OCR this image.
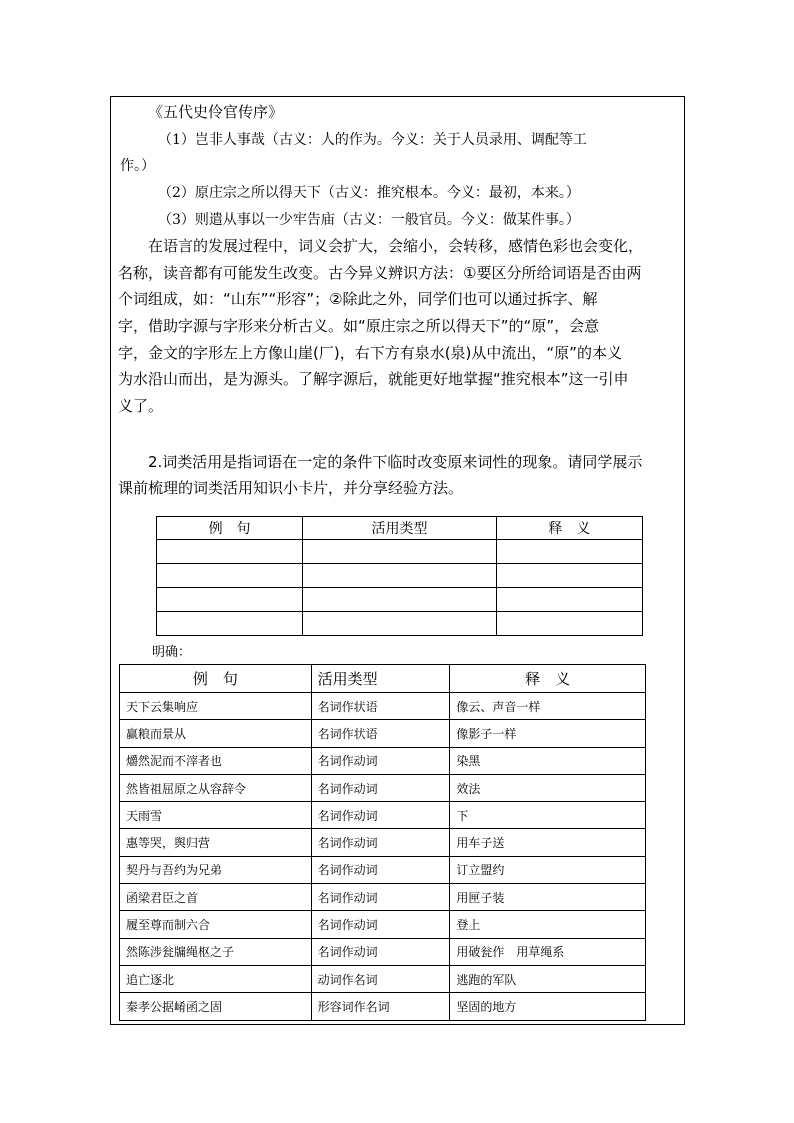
《五代史伶官传序》
（1）岂非人事哉（古义：人的作为。今义：关于人员录用、调配等工
作。）
（2）原庄宗之所以得天下（古义：推究根本。今义：最初，本来。）
（3）则遣从事以一少牢告庙（古义：一般官员。今义：做某件事。）
在语言的发展过程中，词义会扩大，会缩小，会转移，感情色彩也会变化，
名称，读音都有可能发生改变。古今异义辨识方法：①要区分所给词语是否由两
个词组成，如：“山东”“形容”；②除此之外，同学们也可以通过拆字、解
字，借助字源与字形来分析古义。如“原庄宗之所以得天下”的“原”，会意
字，金文的字形左上方像山崖(厂)，右下方有泉水(泉)从中流出，“原”的本义
为水沿山而出，是为源头。了解字源后，就能更好地掌握“推究根本”这一引申
义了。
2.词类活用是指词语在一定的条件下临时改变原来词性的现象。请同学展示
课前梳理的词类活用知识小卡片，并分享经验方法。
例　句	活用类型	释　义

明确：
例　句	活用类型	释　义
天下云集响应	名词作状语	像云、声音一样
赢粮而景从	名词作状语	像影子一样
爝然泥而不滓者也	名词作动词	染黑
然皆祖屈原之从容辞令	名词作动词	效法
天雨雪	名词作动词	下
惠等哭，舆归营	名词作动词	用车子送
契丹与吾约为兄弟	名词作动词	订立盟约
函梁君臣之首	名词作动词	用匣子装
履至尊而制六合	名词作动词	登上
然陈涉瓮牖绳枢之子	名词作动词	用破瓮作　用草绳系
追亡逐北	动词作名词	逃跑的军队
秦孝公据崤函之固	形容词作名词	坚固的地方
